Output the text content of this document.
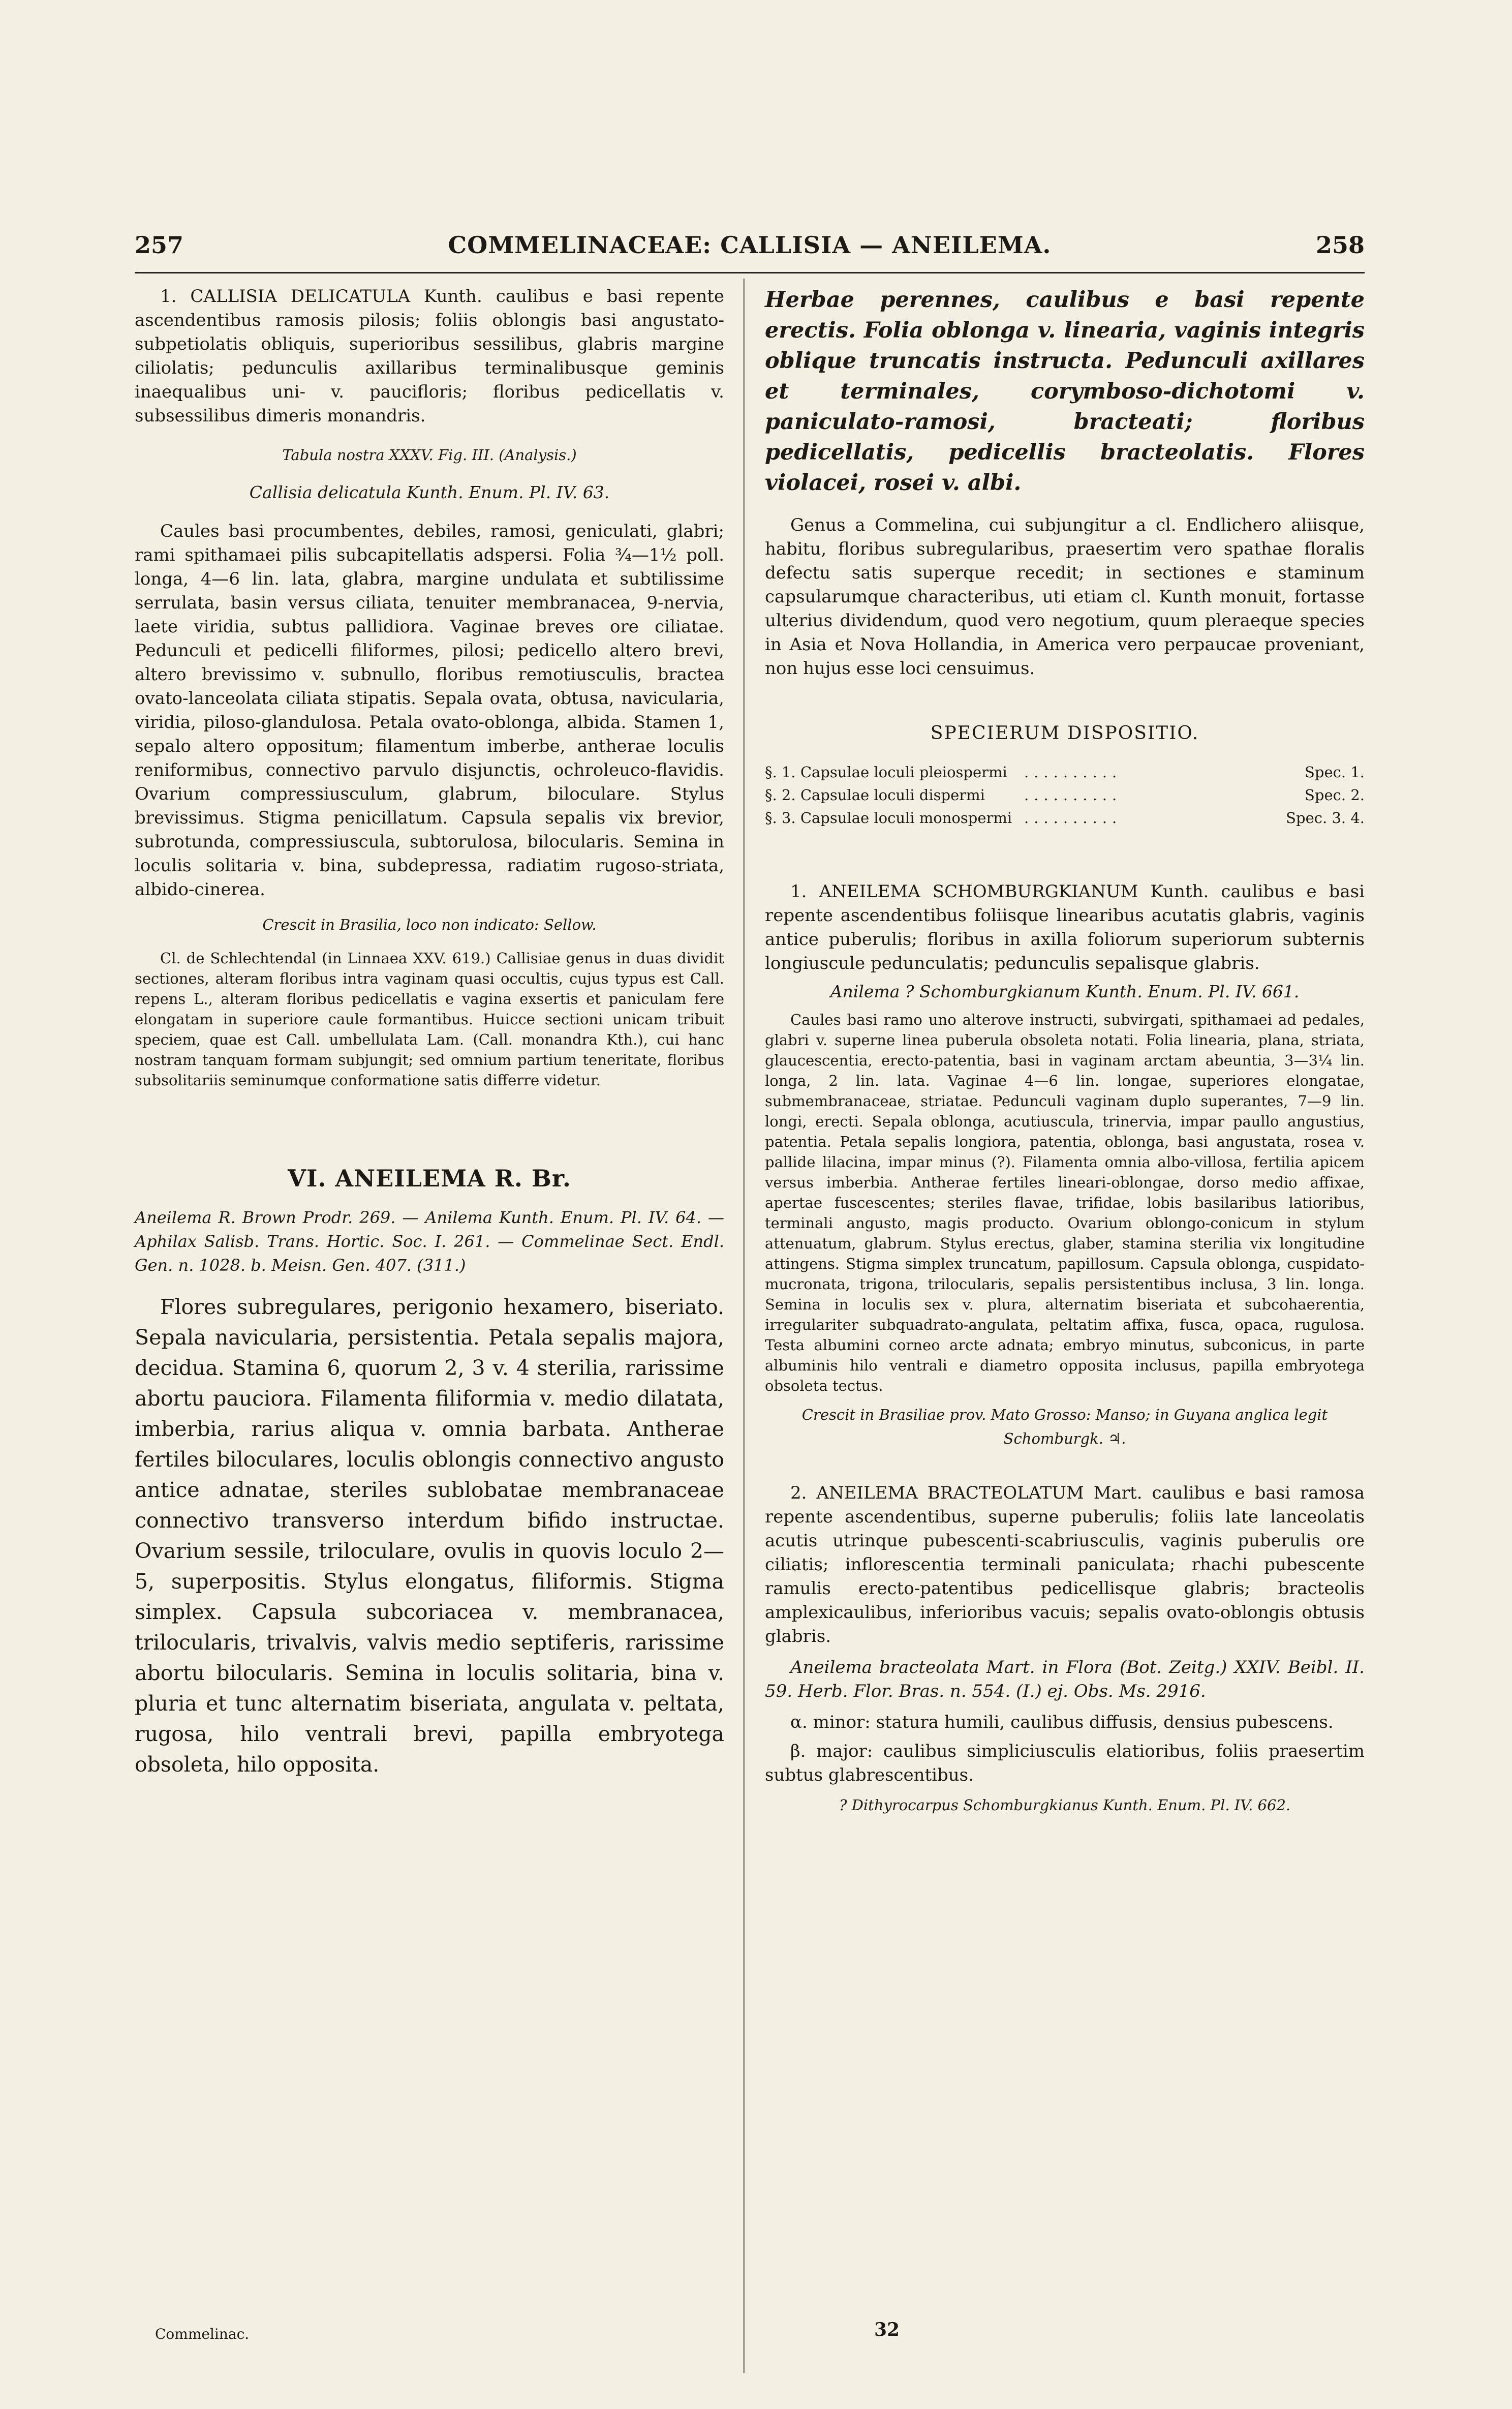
257	COMMELINACEAE: CALLISIA — ANEILEMA.	258

1. CALLISIA DELICATULA Kunth. caulibus e basi repente ascendentibus ramosis pilosis; foliis oblongis basi angustato-subpetiolatis obliquis, superioribus sessilibus, glabris margine ciliolatis; pedunculis axillaribus terminalibusque geminis inaequalibus uni- v. paucifloris; floribus pedicellatis v. subsessilibus dimeris monandris.

Tabula nostra XXXV. Fig. III. (Analysis.)

Callisia delicatula Kunth. Enum. Pl. IV. 63.

Caules basi procumbentes, debiles, ramosi, geniculati, glabri; rami spithamaei pilis subcapitellatis adspersi. Folia ¾—1½ poll. longa, 4—6 lin. lata, glabra, margine undulata et subtilissime serrulata, basin versus ciliata, tenuiter membranacea, 9-nervia, laete viridia, subtus pallidiora. Vaginae breves ore ciliatae. Pedunculi et pedicelli filiformes, pilosi; pedicello altero brevi, altero brevissimo v. subnullo, floribus remotiusculis, bractea ovato-lanceolata ciliata stipatis. Sepala ovata, obtusa, navicularia, viridia, piloso-glandulosa. Petala ovato-oblonga, albida. Stamen 1, sepalo altero oppositum; filamentum imberbe, antherae loculis reniformibus, connectivo parvulo disjunctis, ochroleuco-flavidis. Ovarium compressiusculum, glabrum, biloculare. Stylus brevissimus. Stigma penicillatum. Capsula sepalis vix brevior, subrotunda, compressiuscula, subtorulosa, bilocularis. Semina in loculis solitaria v. bina, subdepressa, radiatim rugoso-striata, albido-cinerea.

Crescit in Brasilia, loco non indicato: Sellow.

Cl. de Schlechtendal (in Linnaea XXV. 619.) Callisiae genus in duas dividit sectiones, alteram floribus intra vaginam quasi occultis, cujus typus est Call. repens L., alteram floribus pedicellatis e vagina exsertis et paniculam fere elongatam in superiore caule formantibus. Huicce sectioni unicam tribuit speciem, quae est Call. umbellulata Lam. (Call. monandra Kth.), cui hanc nostram tanquam formam subjungit; sed omnium partium teneritate, floribus subsolitariis seminumque conformatione satis differre videtur.

VI. ANEILEMA R. Br.

Aneilema R. Brown Prodr. 269. — Anilema Kunth. Enum. Pl. IV. 64. — Aphilax Salisb. Trans. Hortic. Soc. I. 261. — Commelinae Sect. Endl. Gen. n. 1028. b. Meisn. Gen. 407. (311.)

Flores subregulares, perigonio hexamero, biseriato. Sepala navicularia, persistentia. Petala sepalis majora, decidua. Stamina 6, quorum 2, 3 v. 4 sterilia, rarissime abortu pauciora. Filamenta filiformia v. medio dilatata, imberbia, rarius aliqua v. omnia barbata. Antherae fertiles biloculares, loculis oblongis connectivo angusto antice adnatae, steriles sublobatae membranaceae connectivo transverso interdum bifido instructae. Ovarium sessile, triloculare, ovulis in quovis loculo 2—5, superpositis. Stylus elongatus, filiformis. Stigma simplex. Capsula subcoriacea v. membranacea, trilocularis, trivalvis, valvis medio septiferis, rarissime abortu bilocularis. Semina in loculis solitaria, bina v. pluria et tunc alternatim biseriata, angulata v. peltata, rugosa, hilo ventrali brevi, papilla embryotega obsoleta, hilo opposita.

Commelinac.

Herbae perennes, caulibus e basi repente erectis. Folia oblonga v. linearia, vaginis integris oblique truncatis instructa. Pedunculi axillares et terminales, corymboso-dichotomi v. paniculato-ramosi, bracteati; floribus pedicellatis, pedicellis bracteolatis. Flores violacei, rosei v. albi.

Genus a Commelina, cui subjungitur a cl. Endlichero aliisque, habitu, floribus subregularibus, praesertim vero spathae floralis defectu satis superque recedit; in sectiones e staminum capsularumque characteribus, uti etiam cl. Kunth monuit, fortasse ulterius dividendum, quod vero negotium, quum pleraeque species in Asia et Nova Hollandia, in America vero perpaucae proveniant, non hujus esse loci censuimus.

SPECIERUM DISPOSITIO.

§. 1. Capsulae loculi pleiospermi ..........	Spec. 1.
§. 2. Capsulae loculi dispermi	..........	Spec. 2.
§. 3. Capsulae loculi monospermi ..........	Spec. 3. 4.

1. ANEILEMA SCHOMBURGKIANUM Kunth. caulibus e basi repente ascendentibus foliisque linearibus acutatis glabris, vaginis antice puberulis; floribus in axilla foliorum superiorum subternis longiuscule pedunculatis; pedunculis sepalisque glabris.

Anilema ? Schomburgkianum Kunth. Enum. Pl. IV. 661.

Caules basi ramo uno alterove instructi, subvirgati, spithamaei ad pedales, glabri v. superne linea puberula obsoleta notati. Folia linearia, plana, striata, glaucescentia, erecto-patentia, basi in vaginam arctam abeuntia, 3—3¼ lin. longa, 2 lin. lata. Vaginae 4—6 lin. longae, superiores elongatae, submembranaceae, striatae. Pedunculi vaginam duplo superantes, 7—9 lin. longi, erecti. Sepala oblonga, acutiuscula, trinervia, impar paullo angustius, patentia. Petala sepalis longiora, patentia, oblonga, basi angustata, rosea v. pallide lilacina, impar minus (?). Filamenta omnia albo-villosa, fertilia apicem versus imberbia. Antherae fertiles lineari-oblongae, dorso medio affixae, apertae fuscescentes; steriles flavae, trifidae, lobis basilaribus latioribus, terminali angusto, magis producto. Ovarium oblongo-conicum in stylum attenuatum, glabrum. Stylus erectus, glaber, stamina sterilia vix longitudine attingens. Stigma simplex truncatum, papillosum. Capsula oblonga, cuspidato-mucronata, trigona, trilocularis, sepalis persistentibus inclusa, 3 lin. longa. Semina in loculis sex v. plura, alternatim biseriata et subcohaerentia, irregulariter subquadrato-angulata, peltatim affixa, fusca, opaca, rugulosa. Testa albumini corneo arcte adnata; embryo minutus, subconicus, in parte albuminis hilo ventrali e diametro opposita inclusus, papilla embryotega obsoleta tectus.

Crescit in Brasiliae prov. Mato Grosso: Manso; in Guyana anglica legit Schomburgk. ♃.

2. ANEILEMA BRACTEOLATUM Mart. caulibus e basi ramosa repente ascendentibus, superne puberulis; foliis late lanceolatis acutis utrinque pubescenti-scabriusculis, vaginis puberulis ore ciliatis; inflorescentia terminali paniculata; rhachi pubescente ramulis erecto-patentibus pedicellisque glabris; bracteolis amplexicaulibus, inferioribus vacuis; sepalis ovato-oblongis obtusis glabris.

Aneilema bracteolata Mart. in Flora (Bot. Zeitg.) XXIV. Beibl. II. 59. Herb. Flor. Bras. n. 554. (I.) ej. Obs. Ms. 2916.

α. minor: statura humili, caulibus diffusis, densius pubescens.

β. major: caulibus simpliciusculis elatioribus, foliis praesertim subtus glabrescentibus.

? Dithyrocarpus Schomburgkianus Kunth. Enum. Pl. IV. 662.

32
